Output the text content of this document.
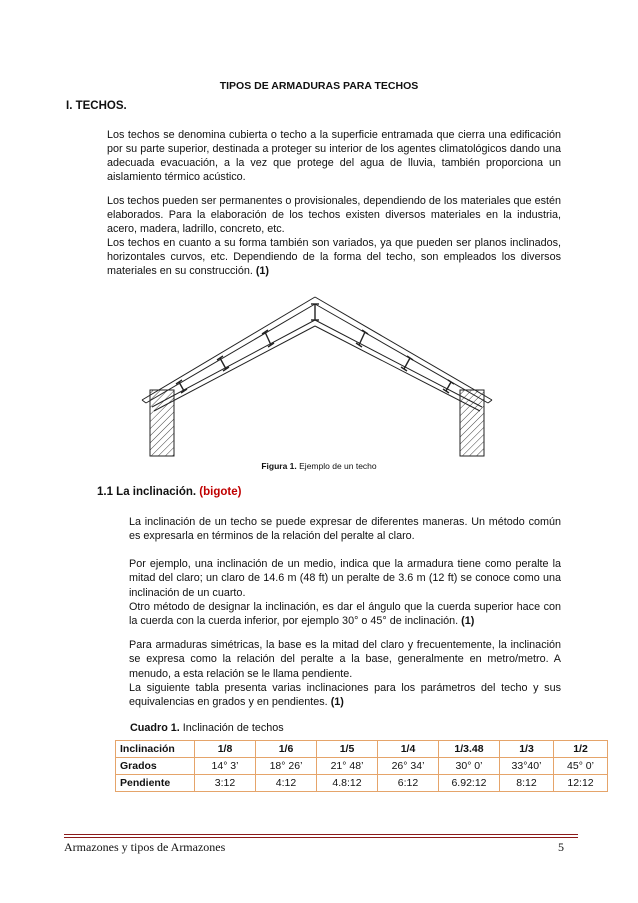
TIPOS DE ARMADURAS PARA TECHOS
I. TECHOS.
Los techos se denomina cubierta o techo a la superficie entramada que cierra una edificación por su parte superior, destinada a proteger su interior de los agentes climatológicos dando una adecuada evacuación, a la vez que protege del agua de lluvia, también proporciona un aislamiento térmico acústico.
Los techos pueden ser permanentes o provisionales, dependiendo de los materiales que estén elaborados. Para la elaboración de los techos existen diversos materiales en la industria, acero, madera, ladrillo, concreto, etc.
Los techos en cuanto a su forma también son variados, ya que pueden ser planos inclinados, horizontales curvos, etc. Dependiendo de la forma del techo, son empleados los diversos materiales en su construcción. (1)
Figura 1. Ejemplo de un techo
1.1 La inclinación. (bigote)
La inclinación de un techo se puede expresar de diferentes maneras. Un método común es expresarla en términos de la relación del peralte al claro.
Por ejemplo, una inclinación de un medio, indica que la armadura tiene como peralte la mitad del claro; un claro de 14.6 m (48 ft) un peralte de 3.6 m (12 ft) se conoce como una inclinación de un cuarto.
Otro método de designar la inclinación, es dar el ángulo que la cuerda superior hace con la cuerda con la cuerda inferior, por ejemplo 30° o 45° de inclinación. (1)
Para armaduras simétricas, la base es la mitad del claro y frecuentemente, la inclinación se expresa como la relación del peralte a la base, generalmente en metro/metro. A menudo, a esta relación se le llama pendiente.
La siguiente tabla presenta varias inclinaciones para los parámetros del techo y sus equivalencias en grados y en pendientes. (1)
Cuadro 1. Inclinación de techos
Inclinación	1/8	1/6	1/5	1/4	1/3.48	1/3	1/2
Grados	14° 3’	18° 26’	21° 48’	26° 34’	30° 0’	33°40’	45° 0’
Pendiente	3:12	4:12	4.8:12	6:12	6.92:12	8:12	12:12
Armazones y tipos de Armazones	5
